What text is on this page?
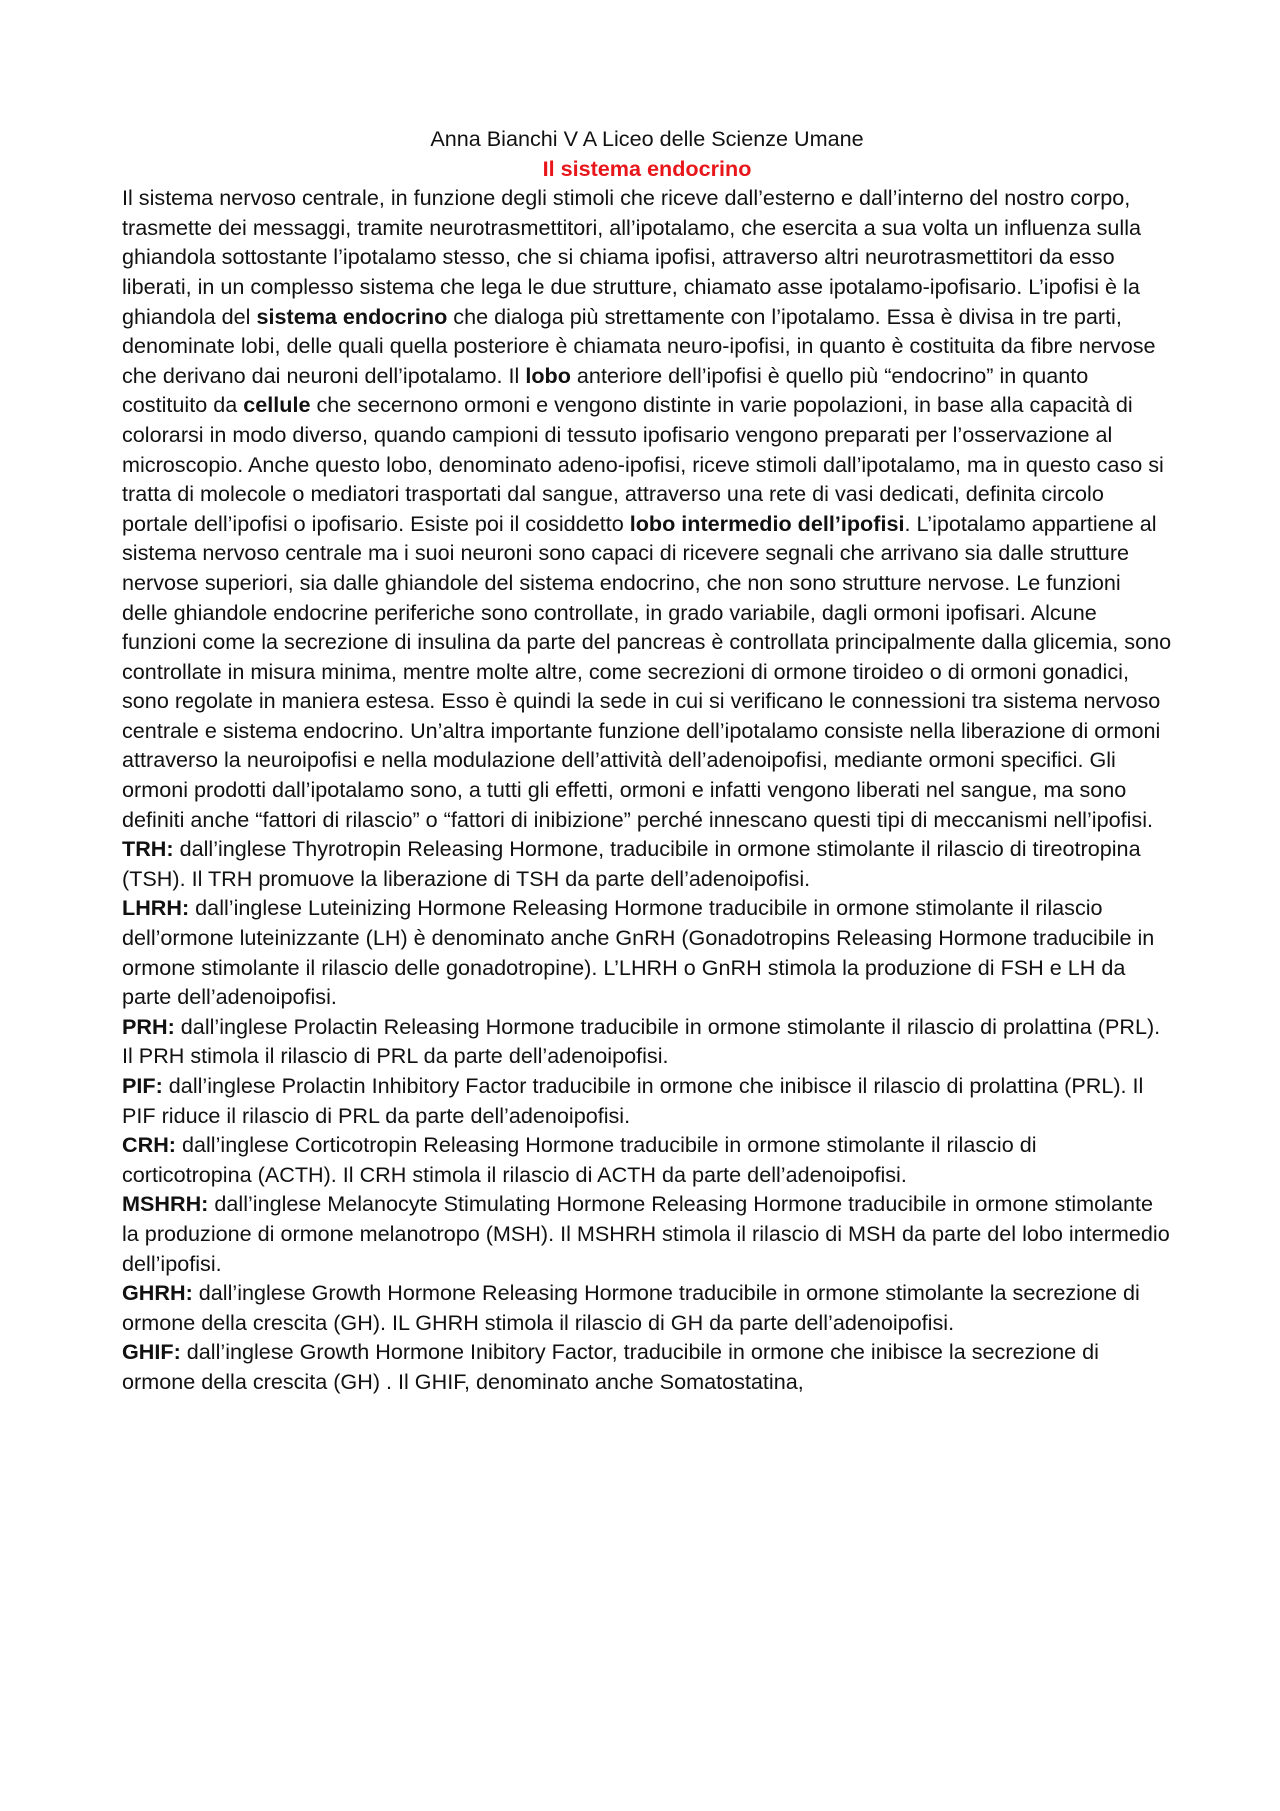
Anna Bianchi V A Liceo delle Scienze Umane

Il sistema endocrino

Il sistema nervoso centrale, in funzione degli stimoli che riceve dall’esterno e dall’interno del nostro corpo, trasmette dei messaggi, tramite neurotrasmettitori, all’ipotalamo, che esercita a sua volta un influenza sulla ghiandola sottostante l’ipotalamo stesso, che si chiama ipofisi, attraverso altri neurotrasmettitori da esso liberati, in un complesso sistema che lega le due strutture, chiamato asse ipotalamo-ipofisario. L’ipofisi è la ghiandola del sistema endocrino che dialoga più strettamente con l’ipotalamo. Essa è divisa in tre parti, denominate lobi, delle quali quella posteriore è chiamata neuro-ipofisi, in quanto è costituita da fibre nervose che derivano dai neuroni dell’ipotalamo. Il lobo anteriore dell’ipofisi è quello più “endocrino” in quanto costituito da cellule che secernono ormoni e vengono distinte in varie popolazioni, in base alla capacità di colorarsi in modo diverso, quando campioni di tessuto ipofisario vengono preparati per l’osservazione al microscopio. Anche questo lobo, denominato adeno-ipofisi, riceve stimoli dall’ipotalamo, ma in questo caso si tratta di molecole o mediatori trasportati dal sangue, attraverso una rete di vasi dedicati, definita circolo portale dell’ipofisi o ipofisario. Esiste poi il cosiddetto lobo intermedio dell’ipofisi. L’ipotalamo appartiene al sistema nervoso centrale ma i suoi neuroni sono capaci di ricevere segnali che arrivano sia dalle strutture nervose superiori, sia dalle ghiandole del sistema endocrino, che non sono strutture nervose. Le funzioni delle ghiandole endocrine periferiche sono controllate, in grado variabile, dagli ormoni ipofisari. Alcune funzioni come la secrezione di insulina da parte del pancreas è controllata principalmente dalla glicemia, sono controllate in misura minima, mentre molte altre, come secrezioni di ormone tiroideo o di ormoni gonadici, sono regolate in maniera estesa. Esso è quindi la sede in cui si verificano le connessioni tra sistema nervoso centrale e sistema endocrino. Un’altra importante funzione dell’ipotalamo consiste nella liberazione di ormoni attraverso la neuroipofisi e nella modulazione dell’attività dell’adenoipofisi, mediante ormoni specifici. Gli ormoni prodotti dall’ipotalamo sono, a tutti gli effetti, ormoni e infatti vengono liberati nel sangue, ma sono definiti anche “fattori di rilascio” o “fattori di inibizione” perché innescano questi tipi di meccanismi nell’ipofisi.

TRH: dall’inglese Thyrotropin Releasing Hormone, traducibile in ormone stimolante il rilascio di tireotropina (TSH). Il TRH promuove la liberazione di TSH da parte dell’adenoipofisi.

LHRH: dall’inglese Luteinizing Hormone Releasing Hormone traducibile in ormone stimolante il rilascio dell’ormone luteinizzante (LH) è denominato anche GnRH (Gonadotropins Releasing Hormone traducibile in ormone stimolante il rilascio delle gonadotropine). L’LHRH o GnRH stimola la produzione di FSH e LH da parte dell’adenoipofisi.

PRH: dall’inglese Prolactin Releasing Hormone traducibile in ormone stimolante il rilascio di prolattina (PRL). Il PRH stimola il rilascio di PRL da parte dell’adenoipofisi.

PIF: dall’inglese Prolactin Inhibitory Factor traducibile in ormone che inibisce il rilascio di prolattina (PRL). Il PIF riduce il rilascio di PRL da parte dell’adenoipofisi.

CRH: dall’inglese Corticotropin Releasing Hormone traducibile in ormone stimolante il rilascio di corticotropina (ACTH). Il CRH stimola il rilascio di ACTH da parte dell’adenoipofisi.

MSHRH: dall’inglese Melanocyte Stimulating Hormone Releasing Hormone traducibile in ormone stimolante la produzione di ormone melanotropo (MSH). Il MSHRH stimola il rilascio di MSH da parte del lobo intermedio dell’ipofisi.

GHRH: dall’inglese Growth Hormone Releasing Hormone traducibile in ormone stimolante la secrezione di ormone della crescita (GH). IL GHRH stimola il rilascio di GH da parte dell’adenoipofisi.

GHIF: dall’inglese Growth Hormone Inibitory Factor, traducibile in ormone che inibisce la secrezione di ormone della crescita (GH) . Il GHIF, denominato anche Somatostatina,
